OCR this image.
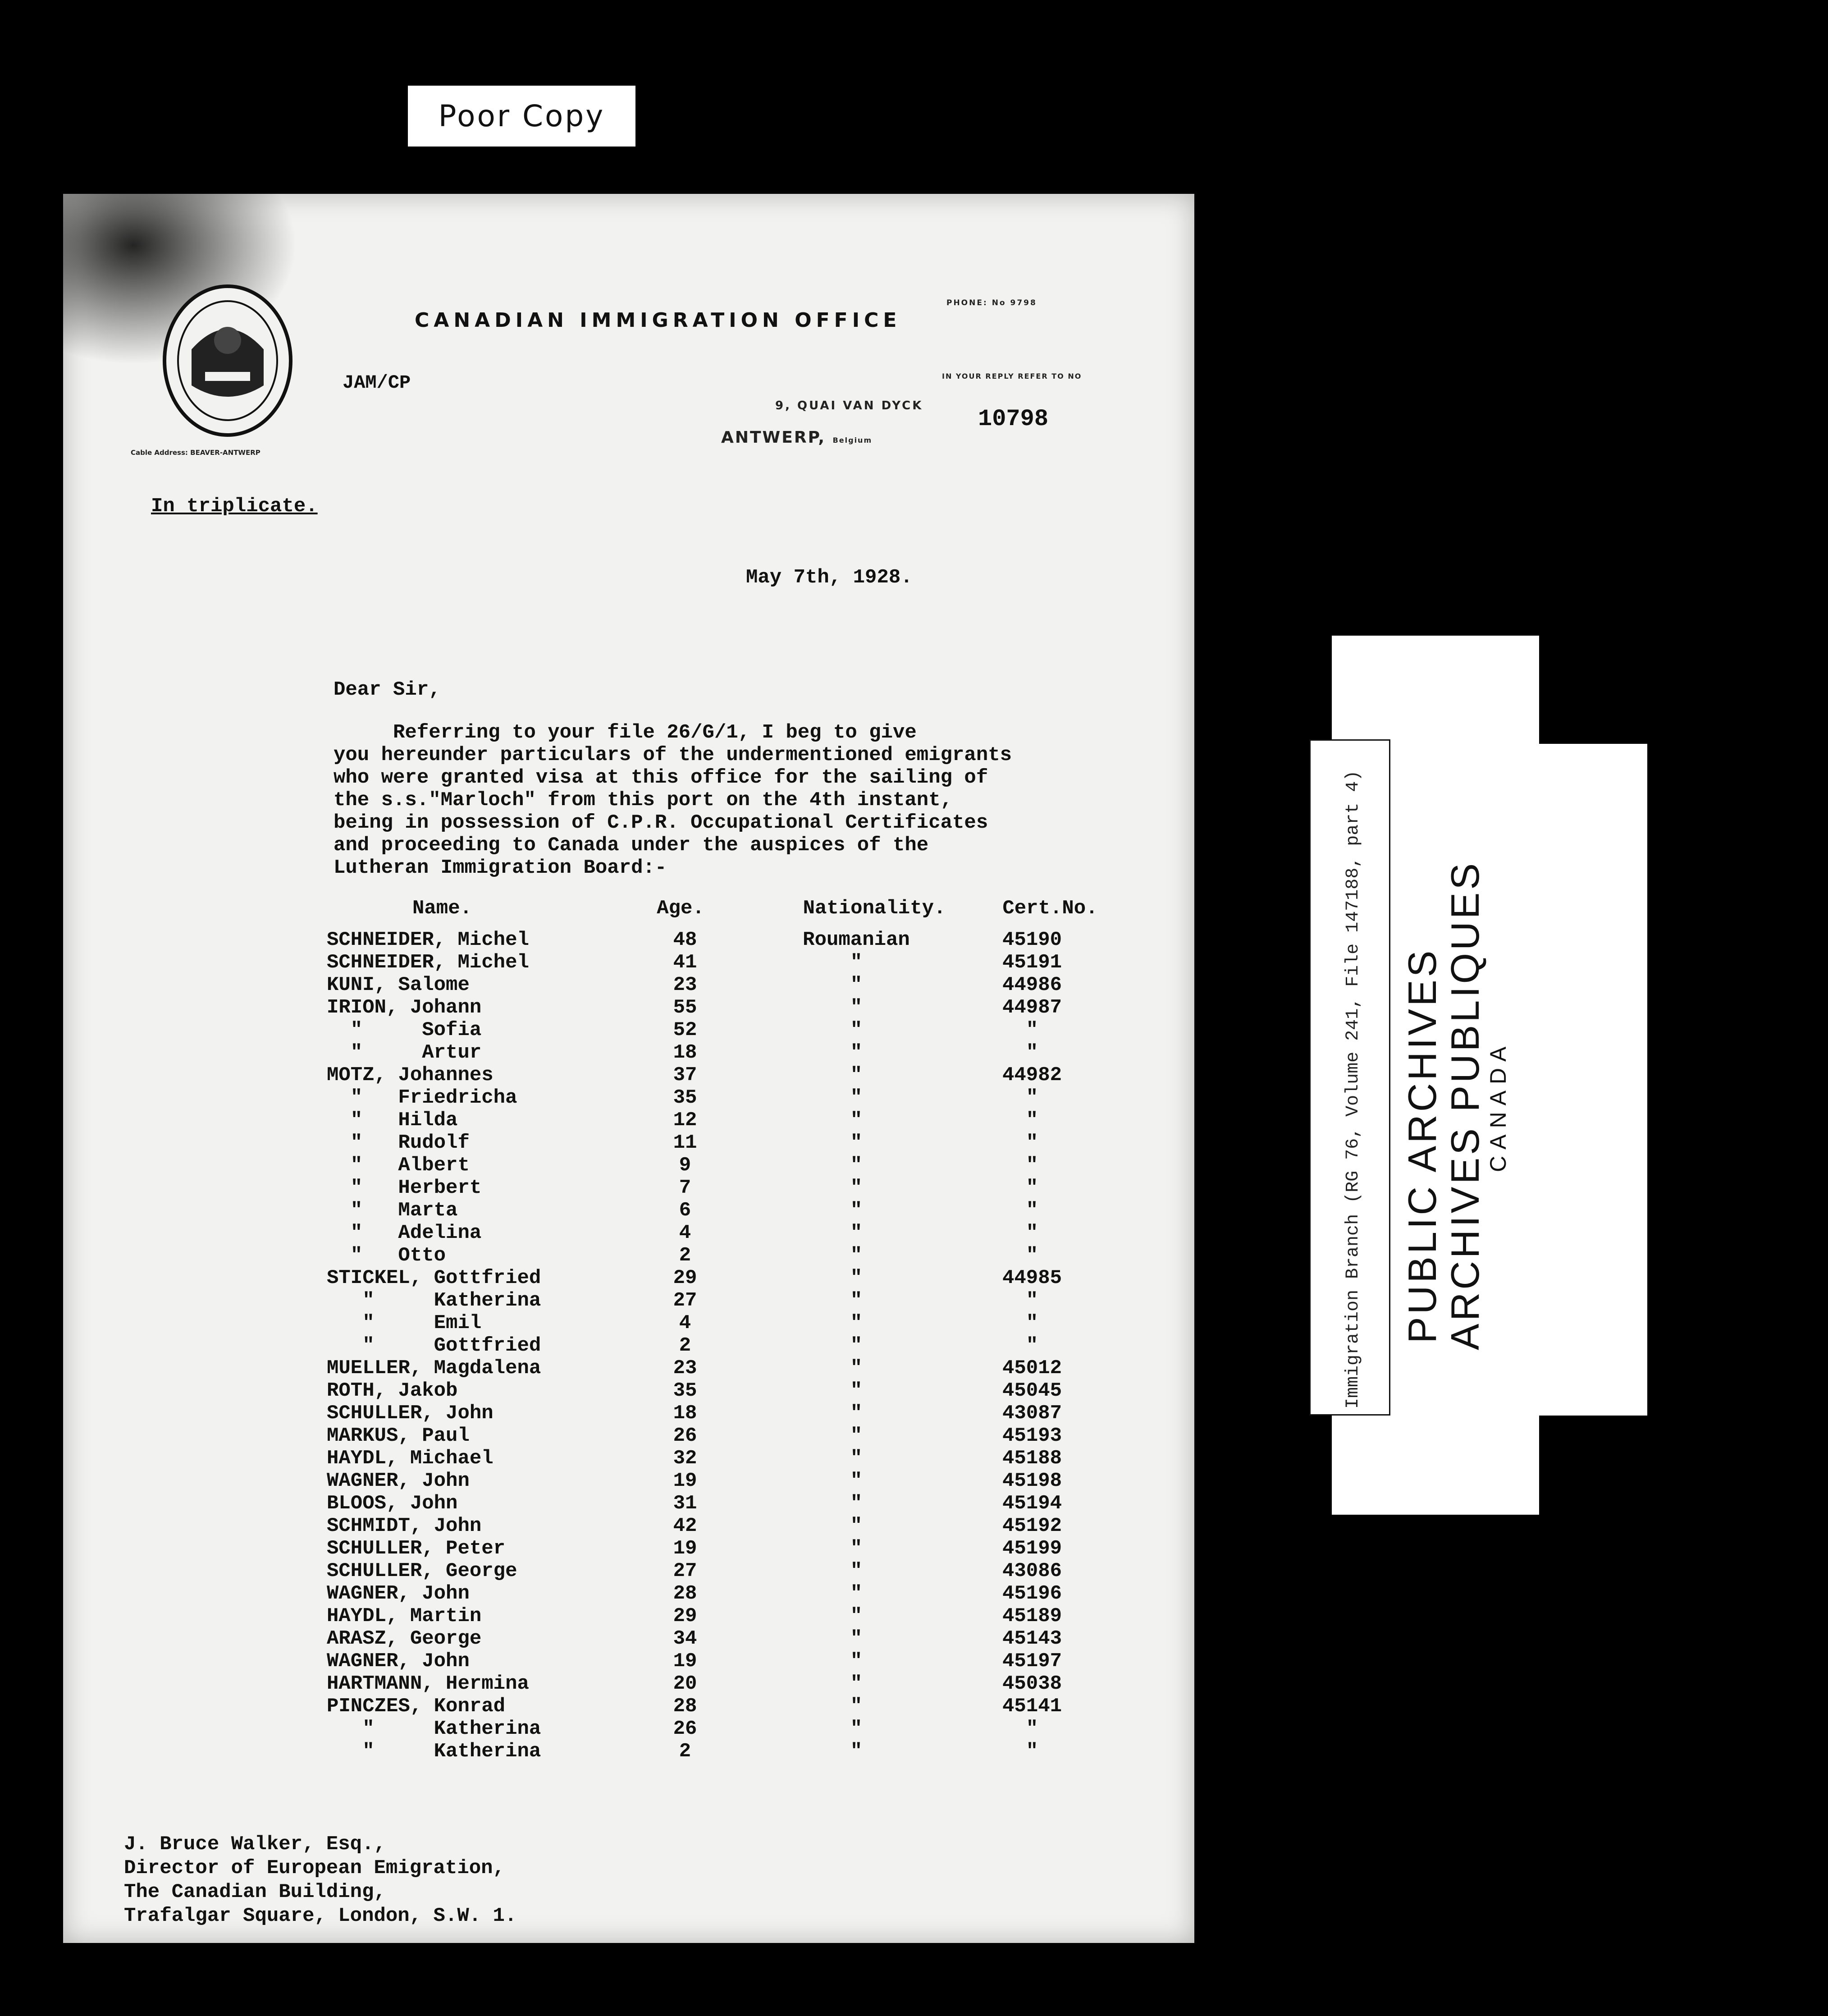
Poor Copy
CANADIAN IMMIGRATION OFFICE
PHONE: No 9798
IN YOUR REPLY REFER TO NO
10798
9, QUAI VAN DYCK
ANTWERP, Belgium
Cable Address: BEAVER-ANTWERP
JAM/CP
In triplicate.
May 7th, 1928.
Dear Sir,
Referring to your file 26/G/1, I beg to give
you hereunder particulars of the undermentioned emigrants
who were granted visa at this office for the sailing of
the s.s."Marloch" from this port on the 4th instant,
being in possession of C.P.R. Occupational Certificates
and proceeding to Canada under the auspices of the
Lutheran Immigration Board:-
Name.	Age.	Nationality.	Cert.No.
SCHNEIDER, Michel	48	Roumanian	45190
SCHNEIDER, Michel	41	"	45191
KUNI, Salome	23	"	44986
IRION, Johann	55	"	44987
"     Sofia	52	"	"
"     Artur	18	"	"
MOTZ, Johannes	37	"	44982
"   Friedricha	35	"	"
"   Hilda	12	"	"
"   Rudolf	11	"	"
"   Albert	9	"	"
"   Herbert	7	"	"
"   Marta	6	"	"
"   Adelina	4	"	"
"   Otto	2	"	"
STICKEL, Gottfried	29	"	44985
"     Katherina	27	"	"
"     Emil	4	"	"
"     Gottfried	2	"	"
MUELLER, Magdalena	23	"	45012
ROTH, Jakob	35	"	45045
SCHULLER, John	18	"	43087
MARKUS, Paul	26	"	45193
HAYDL, Michael	32	"	45188
WAGNER, John	19	"	45198
BLOOS, John	31	"	45194
SCHMIDT, John	42	"	45192
SCHULLER, Peter	19	"	45199
SCHULLER, George	27	"	43086
WAGNER, John	28	"	45196
HAYDL, Martin	29	"	45189
ARASZ, George	34	"	45143
WAGNER, John	19	"	45197
HARTMANN, Hermina	20	"	45038
PINCZES, Konrad	28	"	45141
"     Katherina	26	"	"
"     Katherina	2	"	"
J. Bruce Walker, Esq.,
Director of European Emigration,
The Canadian Building,
Trafalgar Square, London, S.W. 1.
Immigration Branch (RG 76, Volume 241, File 147188, part 4) PUBLIC ARCHIVES
ARCHIVES PUBLIQUES
CANADA
